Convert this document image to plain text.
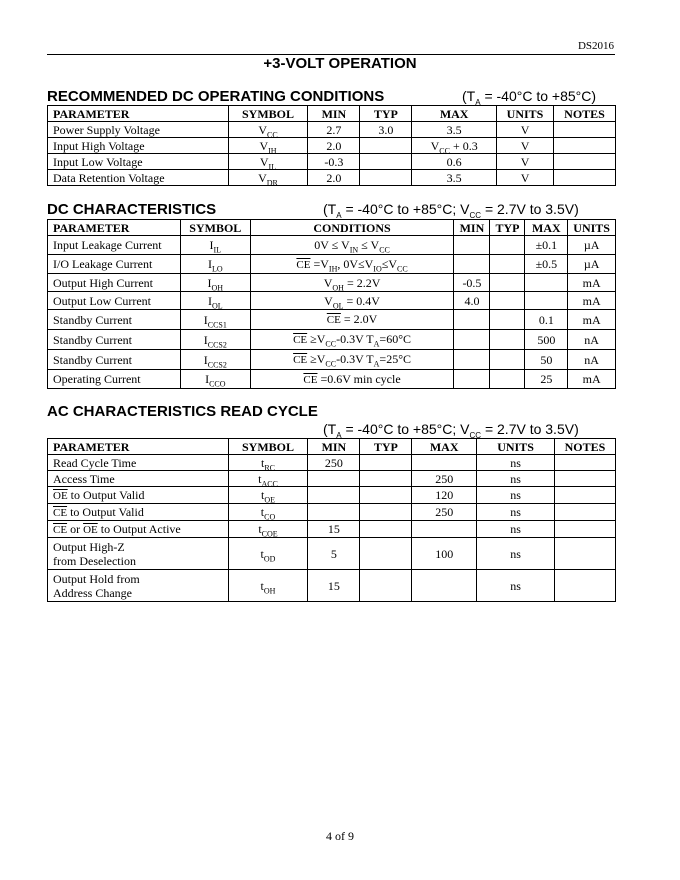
DS2016
+3-VOLT OPERATION
RECOMMENDED DC OPERATING CONDITIONS	($T_A = -40^\circ C$ to +85°C)
PARAMETER	SYMBOL	MIN	TYP	MAX	UNITS	NOTES
Power Supply Voltage	$V_{CC}$	2.7	3.0	3.5	V	
Input High Voltage	$V_{IH}$	2.0		$V_{CC} + 0.3$	V	
Input Low Voltage	$V_{IL}$	-0.3		0.6	V	
Data Retention Voltage	$V_{DR}$	2.0		3.5	V	
DC CHARACTERISTICS	($T_A = -40^\circ C$ to +85°C; $V_{CC} = 2.7V$ to 3.5V)
PARAMETER	SYMBOL	CONDITIONS	MIN	TYP	MAX	UNITS
Input Leakage Current	$I_{IL}$	$0V \le V_{IN} \le V_{CC}$			±0.1	µA
I/O Leakage Current	$I_{LO}$	$\overline{CE} =V_{IH}$, $0V\le V_{IO}\le V_{CC}$			±0.5	µA
Output High Current	$I_{OH}$	$V_{OH} = 2.2V$	-0.5			mA
Output Low Current	$I_{OL}$	$V_{OL} = 0.4V$	4.0			mA
Standby Current	$I_{CCS1}$	$\overline{CE} = 2.0V$			0.1	mA
Standby Current	$I_{CCS2}$	$\overline{CE} \ge V_{CC}-0.3V$ $T_A=60^\circ C$			500	nA
Standby Current	$I_{CCS2}$	$\overline{CE} \ge V_{CC}-0.3V$ $T_A=25^\circ C$			50	nA
Operating Current	$I_{CCO}$	$\overline{CE} =0.6V$ min cycle			25	mA
AC CHARACTERISTICS READ CYCLE
($T_A = -40^\circ C$ to +85°C; $V_{CC} = 2.7V$ to 3.5V)
PARAMETER	SYMBOL	MIN	TYP	MAX	UNITS	NOTES
Read Cycle Time	$t_{RC}$	250			ns	
Access Time	$t_{ACC}$			250	ns	
$\overline{OE}$ to Output Valid	$t_{OE}$			120	ns	
$\overline{CE}$ to Output Valid	$t_{CO}$			250	ns	
$\overline{CE}$ or $\overline{OE}$ to Output Active	$t_{COE}$	15			ns	

Output High-Z
from Deselection	$t_{OD}$	5		100	ns	

Output Hold from
Address Change	$t_{OH}$	15			ns	
4 of 9
